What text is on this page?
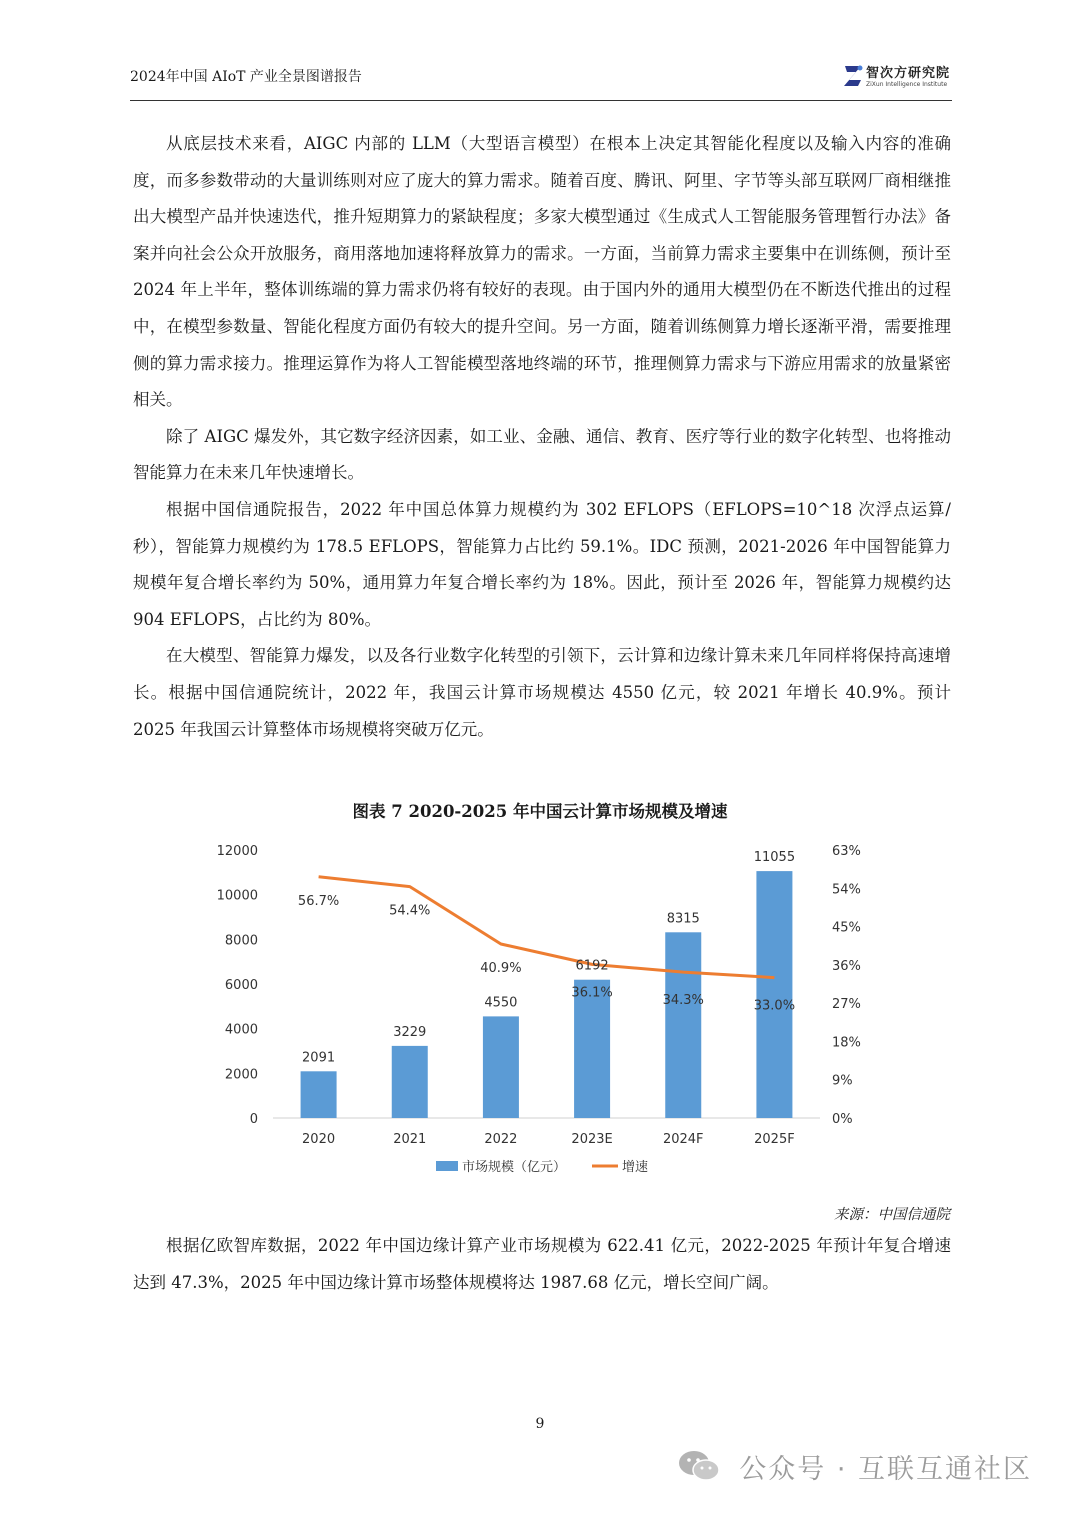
2024年中国 AIoT 产业全景图谱报告	智次方研究院
ZiXun Intelligence Institute

从底层技术来看，AIGC 内部的 LLM（大型语言模型）在根本上决定其智能化程度以及输入内容的准确度，而多参数带动的大量训练则对应了庞大的算力需求。随着百度、腾讯、阿里、字节等头部互联网厂商相继推出大模型产品并快速迭代，推升短期算力的紧缺程度；多家大模型通过《生成式人工智能服务管理暂行办法》备案并向社会公众开放服务，商用落地加速将释放算力的需求。一方面，当前算力需求主要集中在训练侧，预计至 2024 年上半年，整体训练端的算力需求仍将有较好的表现。由于国内外的通用大模型仍在不断迭代推出的过程中，在模型参数量、智能化程度方面仍有较大的提升空间。另一方面，随着训练侧算力增长逐渐平滑，需要推理侧的算力需求接力。推理运算作为将人工智能模型落地终端的环节，推理侧算力需求与下游应用需求的放量紧密相关。

除了 AIGC 爆发外，其它数字经济因素，如工业、金融、通信、教育、医疗等行业的数字化转型、也将推动智能算力在未来几年快速增长。

根据中国信通院报告，2022 年中国总体算力规模约为 302 EFLOPS（EFLOPS=10^18 次浮点运算/秒），智能算力规模约为 178.5 EFLOPS，智能算力占比约 59.1%。IDC 预测，2021-2026 年中国智能算力规模年复合增长率约为 50%，通用算力年复合增长率约为 18%。因此，预计至 2026 年，智能算力规模约达 904 EFLOPS，占比约为 80%。

在大模型、智能算力爆发，以及各行业数字化转型的引领下，云计算和边缘计算未来几年同样将保持高速增长。根据中国信通院统计，2022 年，我国云计算市场规模达 4550 亿元，较 2021 年增长 40.9%。预计 2025 年我国云计算整体市场规模将突破万亿元。

图表 7 2020-2025 年中国云计算市场规模及增速
0
2000
4000
6000
8000
10000
12000
0%
9%
18%
27%
36%
45%
54%
63%
2091
3229
4550
6192
8315
11055
56.7%
54.4%
40.9%
36.1%
34.3%	33.0%
2020	2021	2022	2023E	2024F	2025F
市场规模（亿元）	增速
来源：中国信通院

根据亿欧智库数据，2022 年中国边缘计算产业市场规模为 622.41 亿元，2022-2025 年预计年复合增速达到 47.3%，2025 年中国边缘计算市场整体规模将达 1987.68 亿元，增长空间广阔。

9
公众号 · 互联互通社区
